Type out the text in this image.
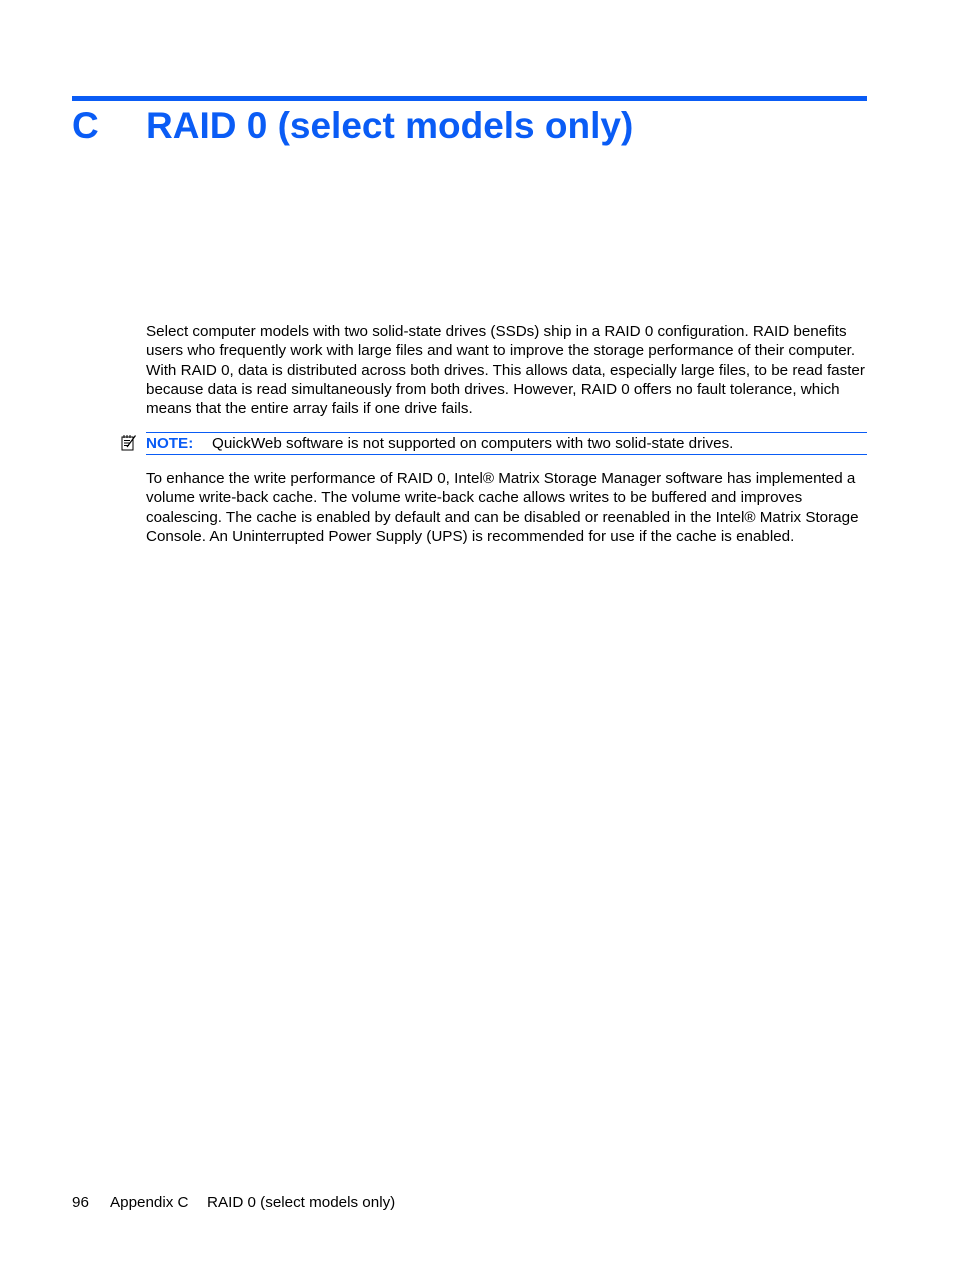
C RAID 0 (select models only)
Select computer models with two solid-state drives (SSDs) ship in a RAID 0 configuration. RAID benefits users who frequently work with large files and want to improve the storage performance of their computer. With RAID 0, data is distributed across both drives. This allows data, especially large files, to be read faster because data is read simultaneously from both drives. However, RAID 0 offers no fault tolerance, which means that the entire array fails if one drive fails.
NOTE: QuickWeb software is not supported on computers with two solid-state drives.
To enhance the write performance of RAID 0, Intel® Matrix Storage Manager software has implemented a volume write-back cache. The volume write-back cache allows writes to be buffered and improves coalescing. The cache is enabled by default and can be disabled or reenabled in the Intel® Matrix Storage Console. An Uninterrupted Power Supply (UPS) is recommended for use if the cache is enabled.
96 Appendix C RAID 0 (select models only)
